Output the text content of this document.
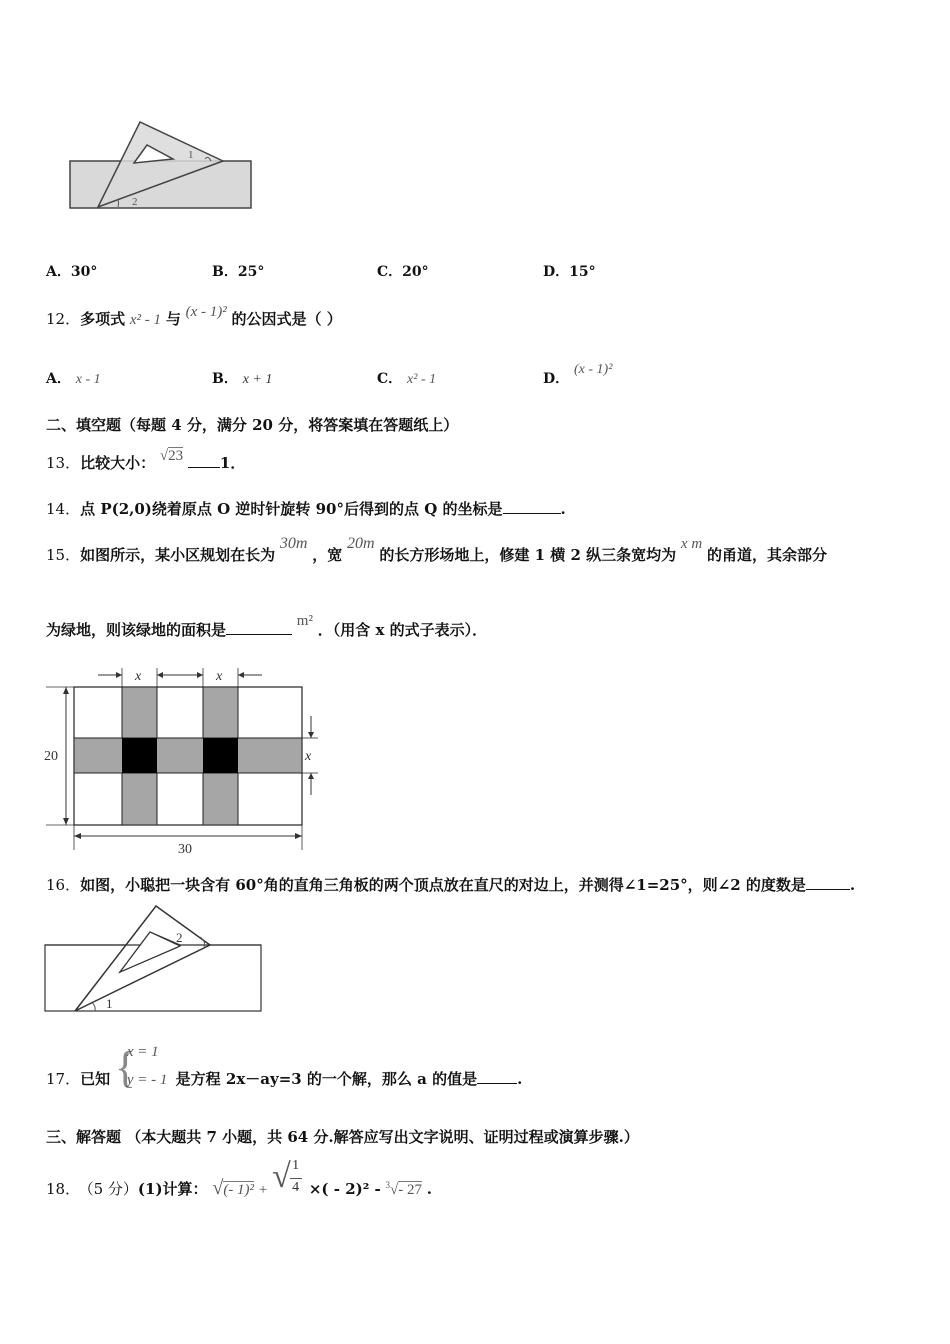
1
2
A．30°	B．25°	C．20°	D．15°
12．多项式 x² - 1 与 (x - 1)² 的公因式是（ ）
A． x - 1	B． x + 1	C． x² - 1	D． (x - 1)²
二、填空题（每题 4 分，满分 20 分，将答案填在答题纸上）
13．比较大小： √23 1．
14．点 P(2,0)绕着原点 O 逆时针旋转 90°后得到的点 Q 的坐标是	.
15．如图所示，某小区规划在长为 30m ，宽 20m 的长方形场地上，修建 1 横 2 纵三条宽均为 x m 的甬道，其余部分
为绿地，则该绿地的面积是	m² ．（用含 x 的式子表示）．
x	x
x
20
30
16．如图，小聪把一块含有 60°角的直角三角板的两个顶点放在直尺的对边上，并测得∠1=25°，则∠2 的度数是	.
2
1
17．已知 {
x = 1
y = - 1 是方程 2x－ay=3 的一个解，那么 a 的值是	.
三、解答题 （本大题共 7 小题，共 64 分.解答应写出文字说明、证明过程或演算步骤.）
18． （5 分）(1)计算： √(- 1)² + √ 1
4 ×( - 2)² - $^3$√- 27 .
